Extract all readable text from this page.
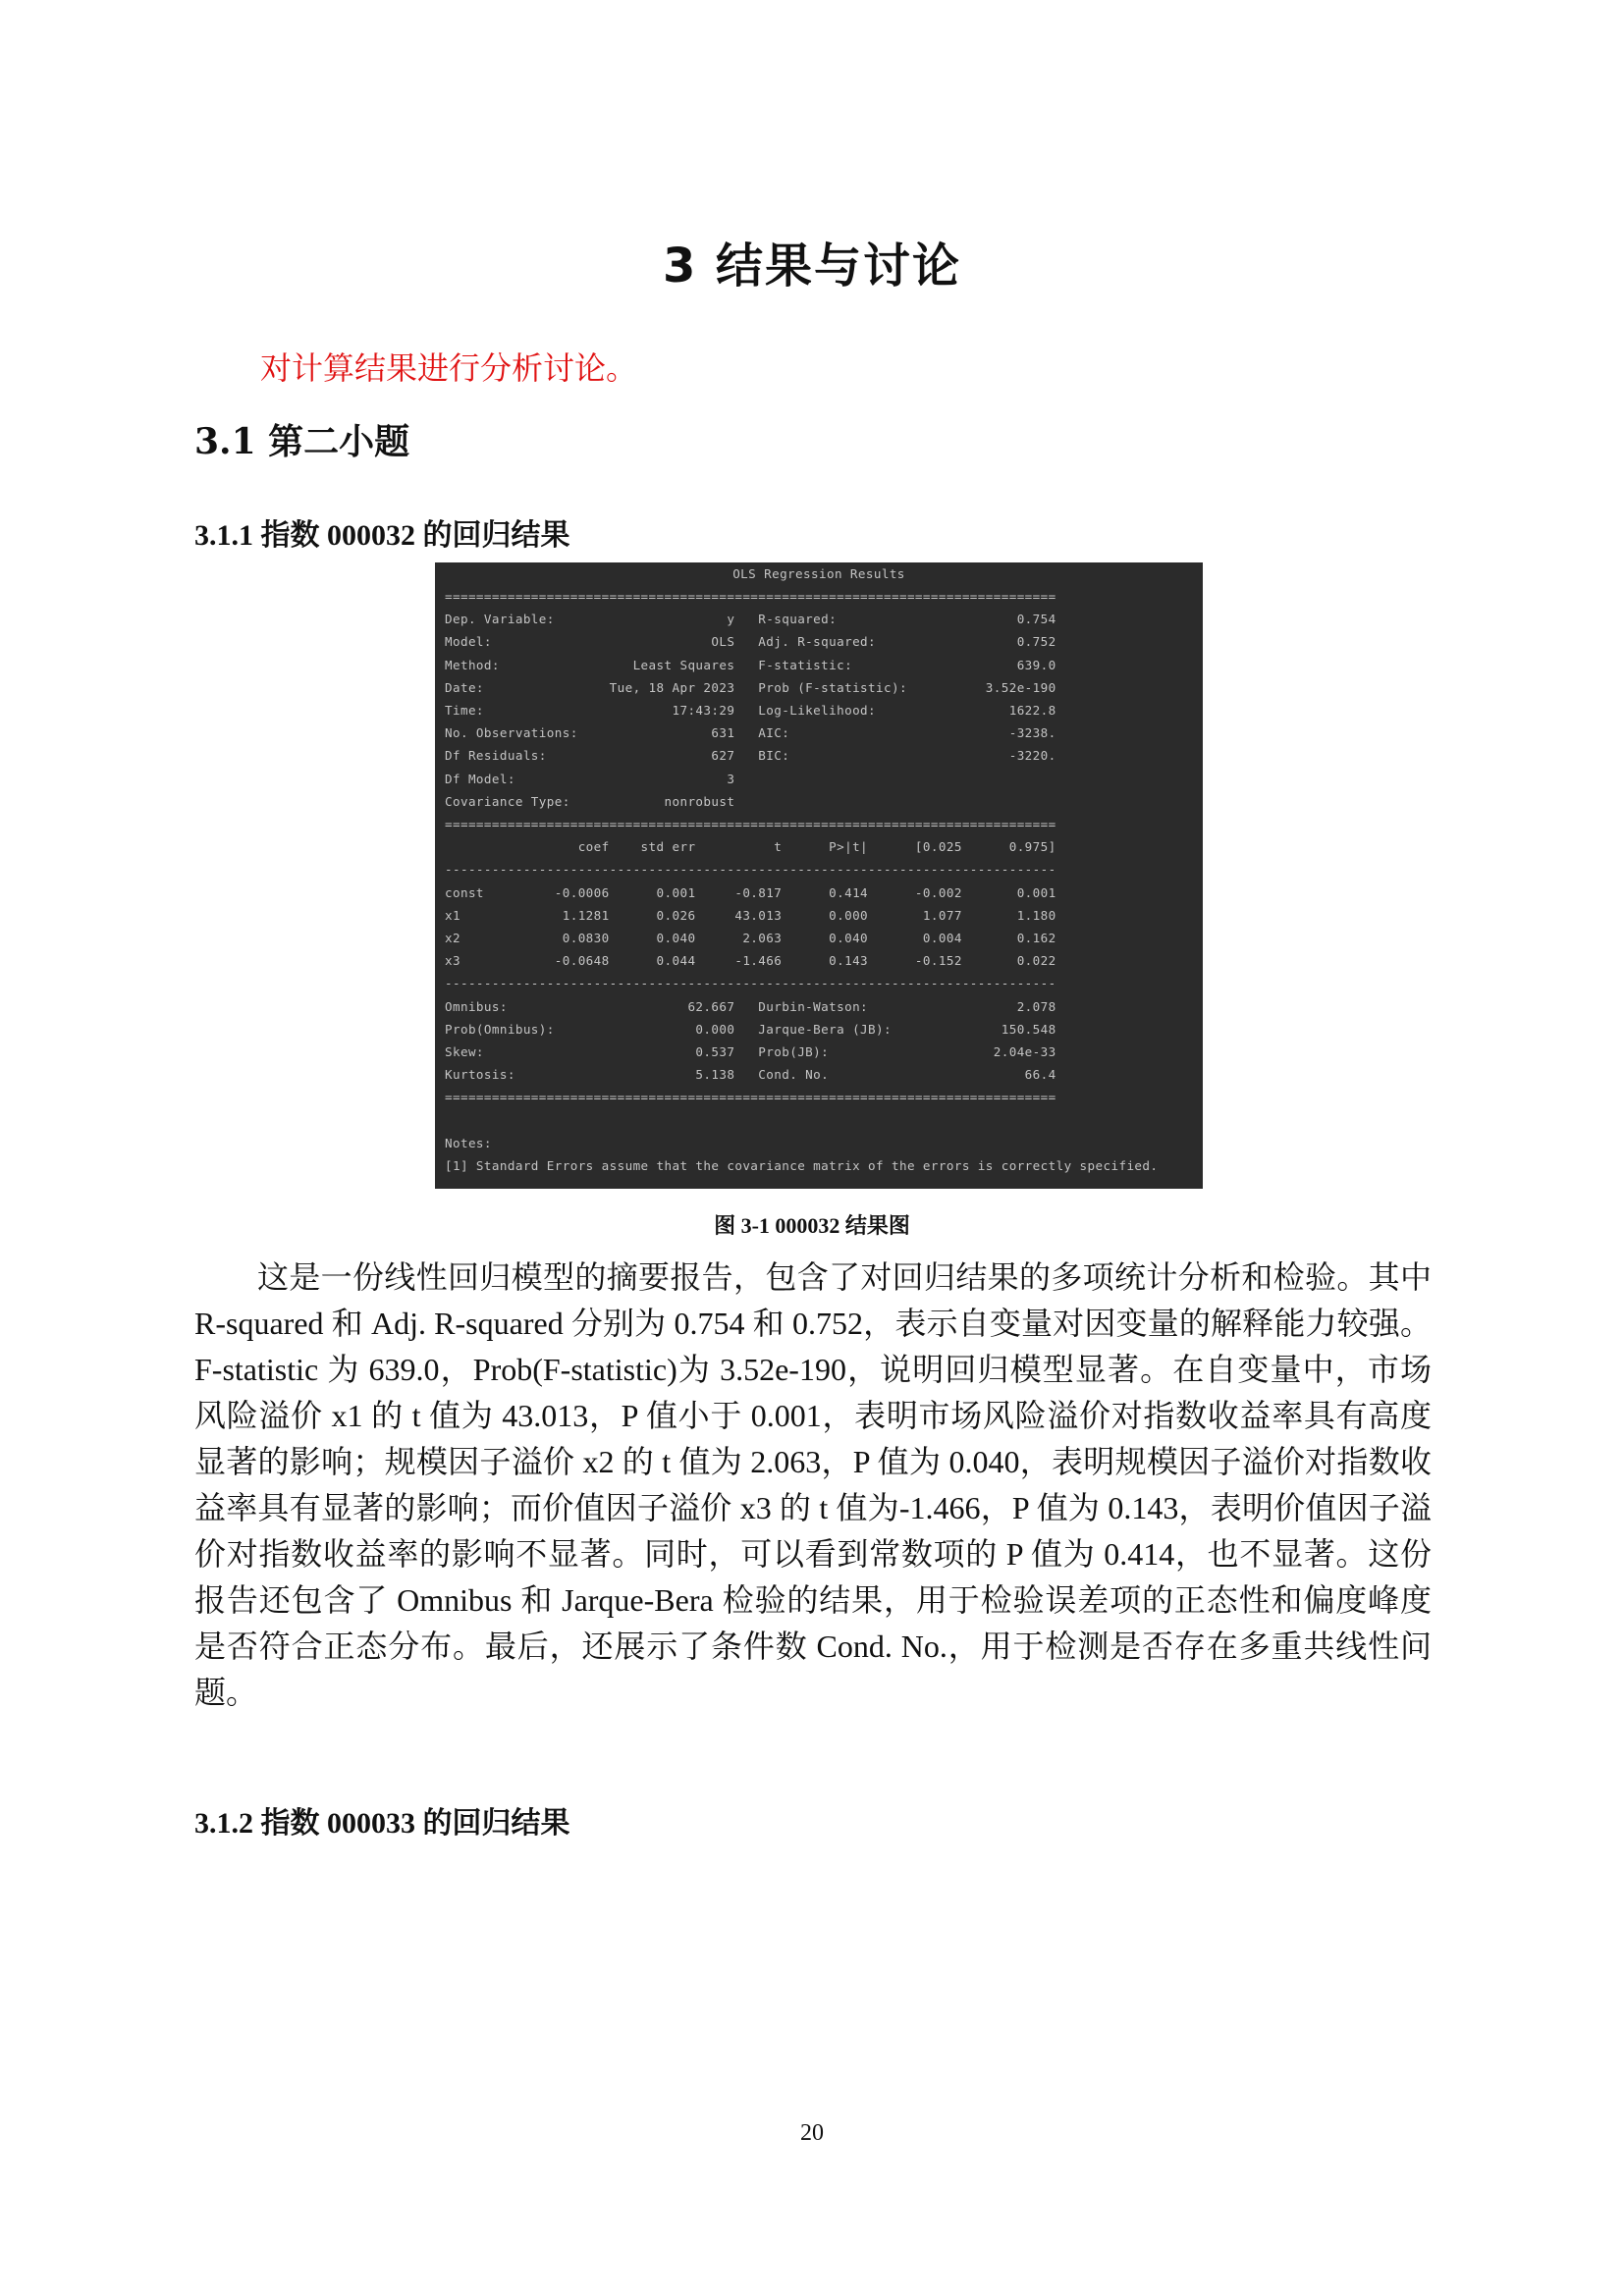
3 结果与讨论

对计算结果进行分析讨论。

3.1 第二小题
3.1.1 指数 000032 的回归结果
OLS Regression Results
==============================================================================
Dep. Variable:                      y   R-squared:                       0.754
Model:                            OLS   Adj. R-squared:                  0.752
Method:                 Least Squares   F-statistic:                     639.0
Date:                Tue, 18 Apr 2023   Prob (F-statistic):          3.52e-190
Time:                        17:43:29   Log-Likelihood:                 1622.8
No. Observations:                 631   AIC:                            -3238.
Df Residuals:                     627   BIC:                            -3220.
Df Model:                           3
Covariance Type:            nonrobust
==============================================================================
coef    std err          t      P>|t|      [0.025      0.975]
------------------------------------------------------------------------------
const         -0.0006      0.001     -0.817      0.414      -0.002       0.001
x1             1.1281      0.026     43.013      0.000       1.077       1.180
x2             0.0830      0.040      2.063      0.040       0.004       0.162
x3            -0.0648      0.044     -1.466      0.143      -0.152       0.022
------------------------------------------------------------------------------
Omnibus:                       62.667   Durbin-Watson:                   2.078
Prob(Omnibus):                  0.000   Jarque-Bera (JB):              150.548
Skew:                           0.537   Prob(JB):                     2.04e-33
Kurtosis:                       5.138   Cond. No.                         66.4
==============================================================================
Notes:
[1] Standard Errors assume that the covariance matrix of the errors is correctly specified.

图 3-1 000032 结果图

这是一份线性回归模型的摘要报告，包含了对回归结果的多项统计分析和检验。其中 R-squared 和 Adj. R-squared 分别为 0.754 和 0.752，表示自变量对因变量的解释能力较强。F-statistic 为 639.0，Prob(F-statistic)为 3.52e-190，说明回归模型显著。在自变量中，市场风险溢价 x1 的 t 值为 43.013，P 值小于 0.001，表明市场风险溢价对指数收益率具有高度显著的影响；规模因子溢价 x2 的 t 值为 2.063，P 值为 0.040，表明规模因子溢价对指数收益率具有显著的影响；而价值因子溢价 x3 的 t 值为-1.466，P 值为 0.143，表明价值因子溢价对指数收益率的影响不显著。同时，可以看到常数项的 P 值为 0.414，也不显著。这份报告还包含了 Omnibus 和 Jarque-Bera 检验的结果，用于检验误差项的正态性和偏度峰度是否符合正态分布。最后，还展示了条件数 Cond. No.，用于检测是否存在多重共线性问题。

3.1.2 指数 000033 的回归结果
20
